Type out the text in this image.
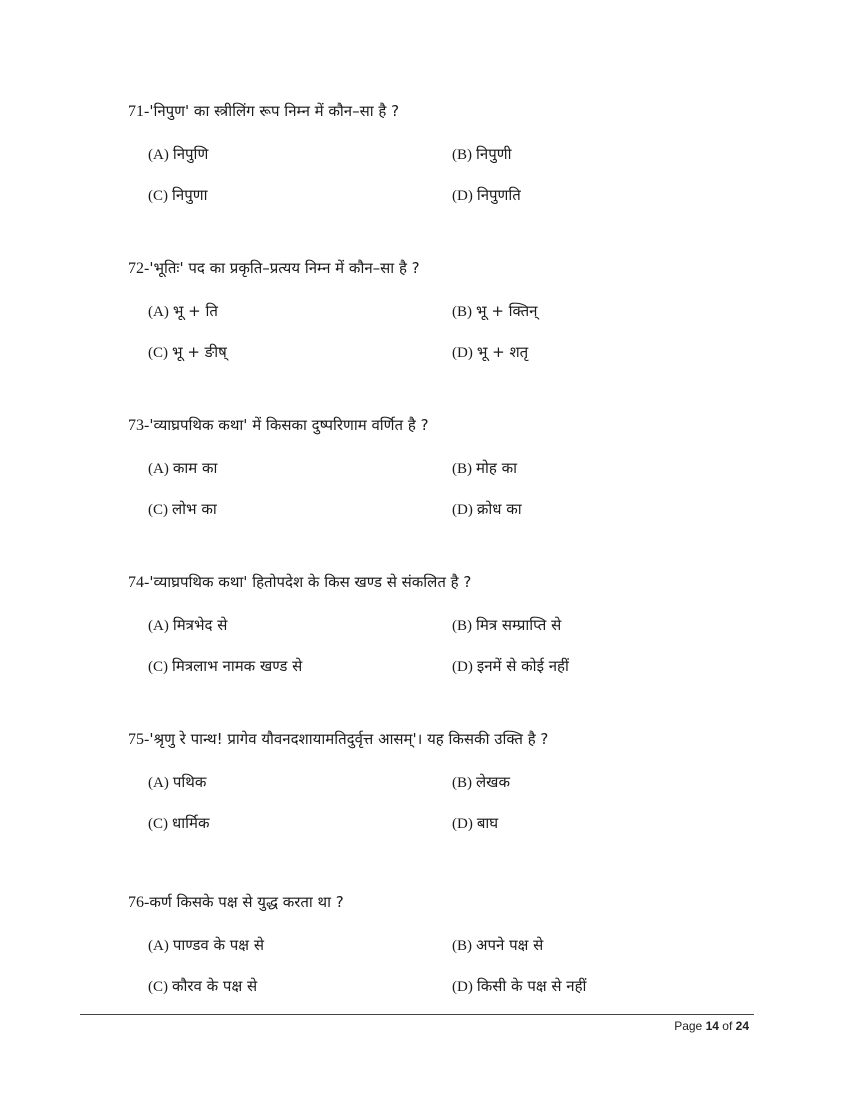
71-'निपुण' का स्त्रीलिंग रूप निम्न में कौन–सा है ?
(A) निपुणि	(B) निपुणी
(C) निपुणा	(D) निपुणति
72-'भूतिः' पद का प्रकृति–प्रत्यय निम्न में कौन–सा है ?
(A) भू + ति	(B) भू + क्तिन्
(C) भू + ङीष्	(D) भू + शतृ
73-'व्याघ्रपथिक कथा' में किसका दुष्परिणाम वर्णित है ?
(A) काम का	(B) मोह का
(C) लोभ का	(D) क्रोध का
74-'व्याघ्रपथिक कथा' हितोपदेश के किस खण्ड से संकलित है ?
(A) मित्रभेद से	(B) मित्र सम्प्राप्ति से
(C) मित्रलाभ नामक खण्ड से	(D) इनमें से कोई नहीं
75-'श्रृणु रे पान्थ! प्रागेव यौवनदशायामतिदुर्वृत्त आसम्'। यह किसकी उक्ति है ?
(A) पथिक	(B) लेखक
(C) धार्मिक	(D) बाघ
76-कर्ण किसके पक्ष से युद्ध करता था ?
(A) पाण्डव के पक्ष से	(B) अपने पक्ष से
(C) कौरव के पक्ष से	(D) किसी के पक्ष से नहीं
Page 14 of 24
